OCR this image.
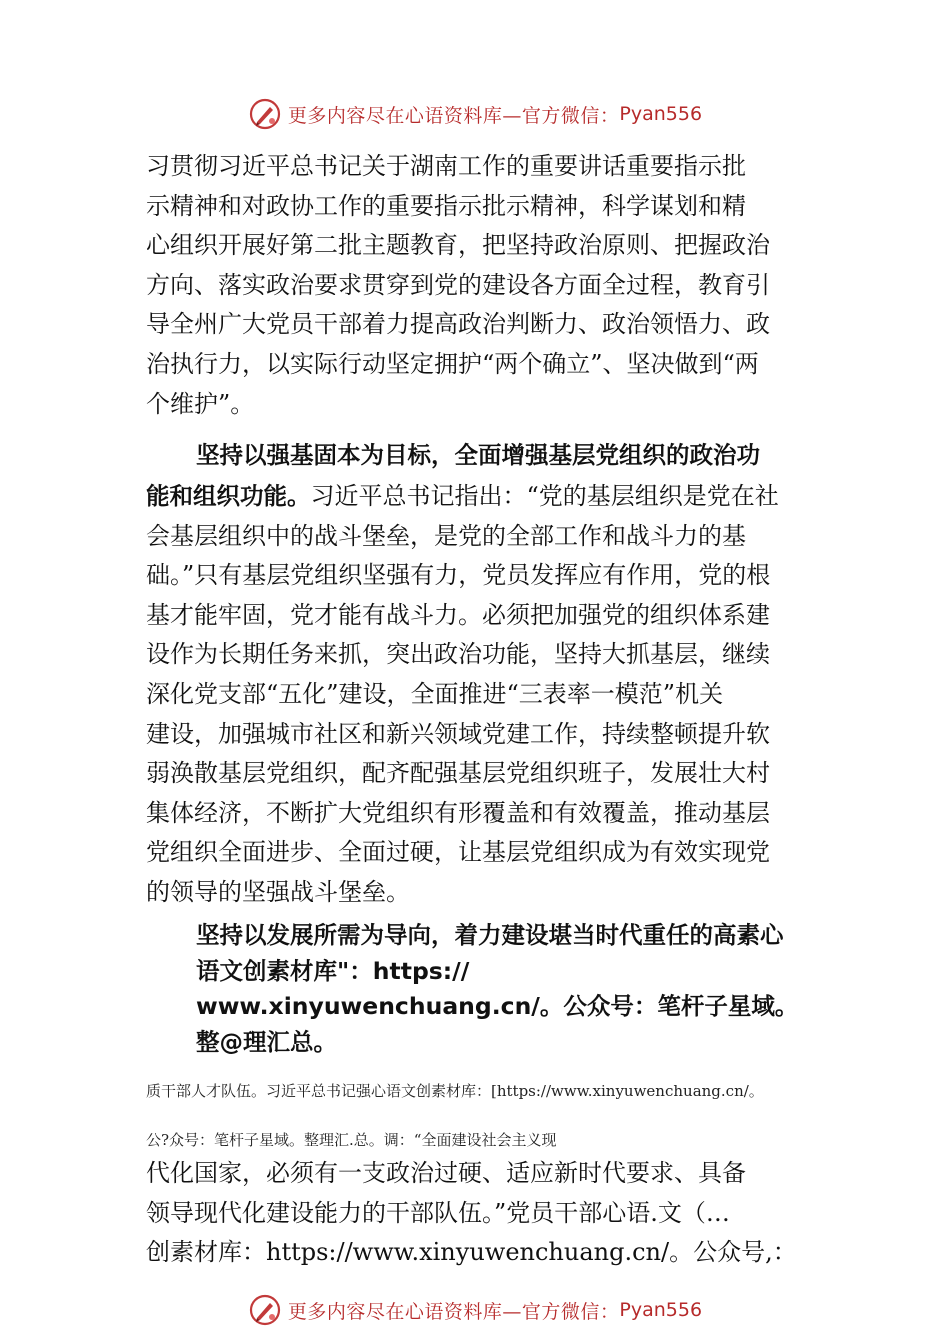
更多内容尽在心语资料库—官方微信： Pyan556

习贯彻习近平总书记关于湖南工作的重要讲话重要指示批

示精神和对政协工作的重要指示批示精神，科学谋划和精

心组织开展好第二批主题教育，把坚持政治原则、把握政治

方向、落实政治要求贯穿到党的建设各方面全过程，教育引

导全州广大党员干部着力提高政治判断力、政治领悟力、政

治执行力，以实际行动坚定拥护“两个确立”、坚决做到“两

个维护”。

坚持以强基固本为目标，全面增强基层党组织的政治功

能和组织功能。习近平总书记指出：“党的基层组织是党在社

会基层组织中的战斗堡垒，是党的全部工作和战斗力的基

础。”只有基层党组织坚强有力，党员发挥应有作用，党的根

基才能牢固，党才能有战斗力。必须把加强党的组织体系建

设作为长期任务来抓，突出政治功能，坚持大抓基层，继续

深化党支部“五化”建设，全面推进“三表率一模范”机关

建设，加强城市社区和新兴领域党建工作，持续整顿提升软

弱涣散基层党组织，配齐配强基层党组织班子，发展壮大村

集体经济，不断扩大党组织有形覆盖和有效覆盖，推动基层

党组织全面进步、全面过硬，让基层党组织成为有效实现党

的领导的坚强战斗堡垒。

坚持以发展所需为导向，着力建设堪当时代重任的高素心

语文创素材库"：https://

www.xinyuwenchuang.cn/。公众号：笔杆子星域。

整@理汇总。

质干部人才队伍。习近平总书记强心语文创素材库：[https://www.xinyuwenchuang.cn/。

公?众号：笔杆子星域。整理汇.总。调：“全面建设社会主义现

代化国家，必须有一支政治过硬、适应新时代要求、具备

领导现代化建设能力的干部队伍。”党员干部心语.文（…

创素材库：https://www.xinyuwenchuang.cn/。公众号,：

更多内容尽在心语资料库—官方微信： Pyan556
